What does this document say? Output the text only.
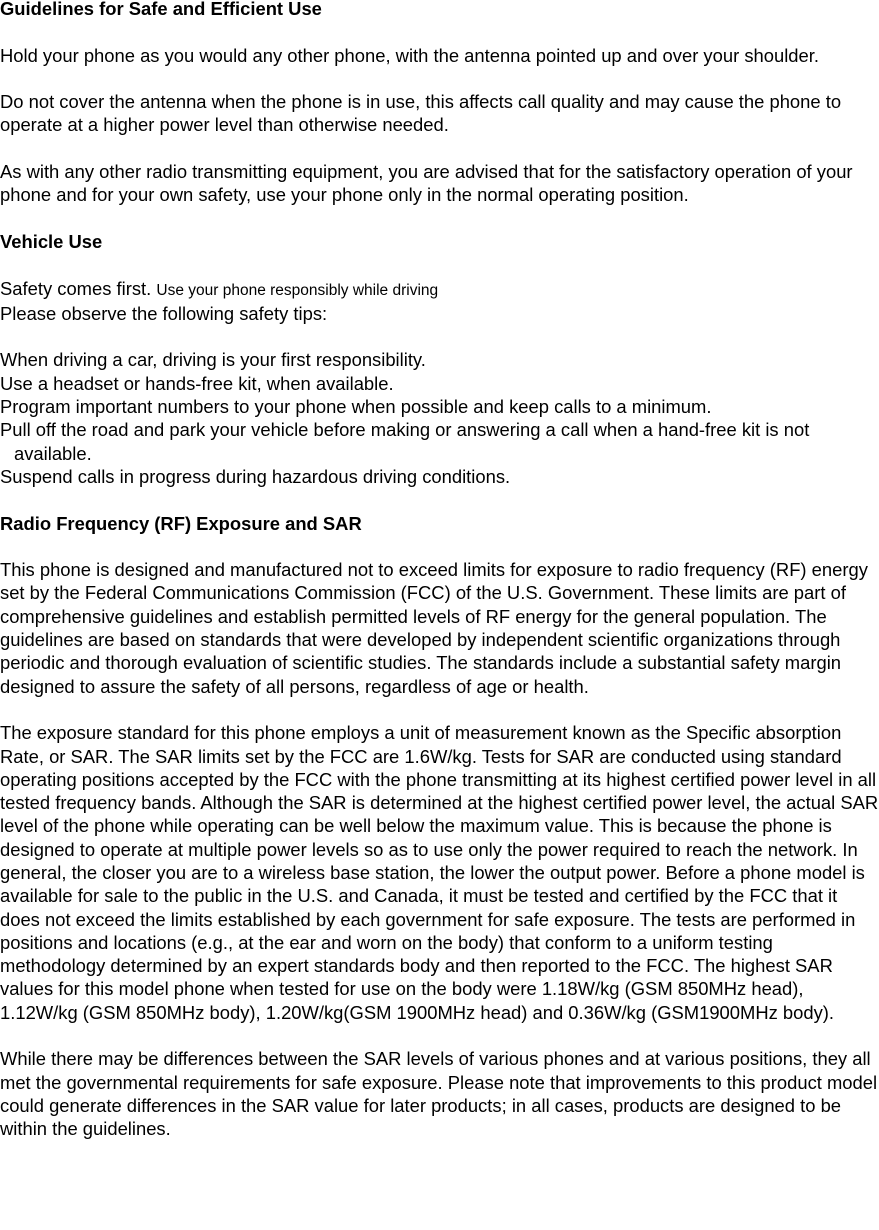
Guidelines for Safe and Efficient Use

Hold your phone as you would any other phone, with the antenna pointed up and over your shoulder.

Do not cover the antenna when the phone is in use, this affects call quality and may cause the phone to operate at a higher power level than otherwise needed.

As with any other radio transmitting equipment, you are advised that for the satisfactory operation of your phone and for your own safety, use your phone only in the normal operating position.

Vehicle Use

Safety comes first. Use your phone responsibly while driving

Please observe the following safety tips:

When driving a car, driving is your first responsibility.
Use a headset or hands-free kit, when available.
Program important numbers to your phone when possible and keep calls to a minimum.
Pull off the road and park your vehicle before making or answering a call when a hand-free kit is not available.
Suspend calls in progress during hazardous driving conditions.
Radio Frequency (RF) Exposure and SAR

This phone is designed and manufactured not to exceed limits for exposure to radio frequency (RF) energy set by the Federal Communications Commission (FCC) of the U.S. Government. These limits are part of comprehensive guidelines and establish permitted levels of RF energy for the general population. The guidelines are based on standards that were developed by independent scientific organizations through periodic and thorough evaluation of scientific studies. The standards include a substantial safety margin designed to assure the safety of all persons, regardless of age or health.

The exposure standard for this phone employs a unit of measurement known as the Specific absorption Rate, or SAR. The SAR limits set by the FCC are 1.6W/kg. Tests for SAR are conducted using standard operating positions accepted by the FCC with the phone transmitting at its highest certified power level in all tested frequency bands. Although the SAR is determined at the highest certified power level, the actual SAR level of the phone while operating can be well below the maximum value. This is because the phone is designed to operate at multiple power levels so as to use only the power required to reach the network. In general, the closer you are to a wireless base station, the lower the output power. Before a phone model is available for sale to the public in the U.S. and Canada, it must be tested and certified by the FCC that it does not exceed the limits established by each government for safe exposure. The tests are performed in positions and locations (e.g., at the ear and worn on the body) that conform to a uniform testing methodology determined by an expert standards body and then reported to the FCC. The highest SAR values for this model phone when tested for use on the body were 1.18W/kg (GSM 850MHz head), 1.12W/kg (GSM 850MHz body), 1.20W/kg(GSM 1900MHz head) and 0.36W/kg (GSM1900MHz body).

While there may be differences between the SAR levels of various phones and at various positions, they all met the governmental requirements for safe exposure. Please note that improvements to this product model could generate differences in the SAR value for later products; in all cases, products are designed to be within the guidelines.
